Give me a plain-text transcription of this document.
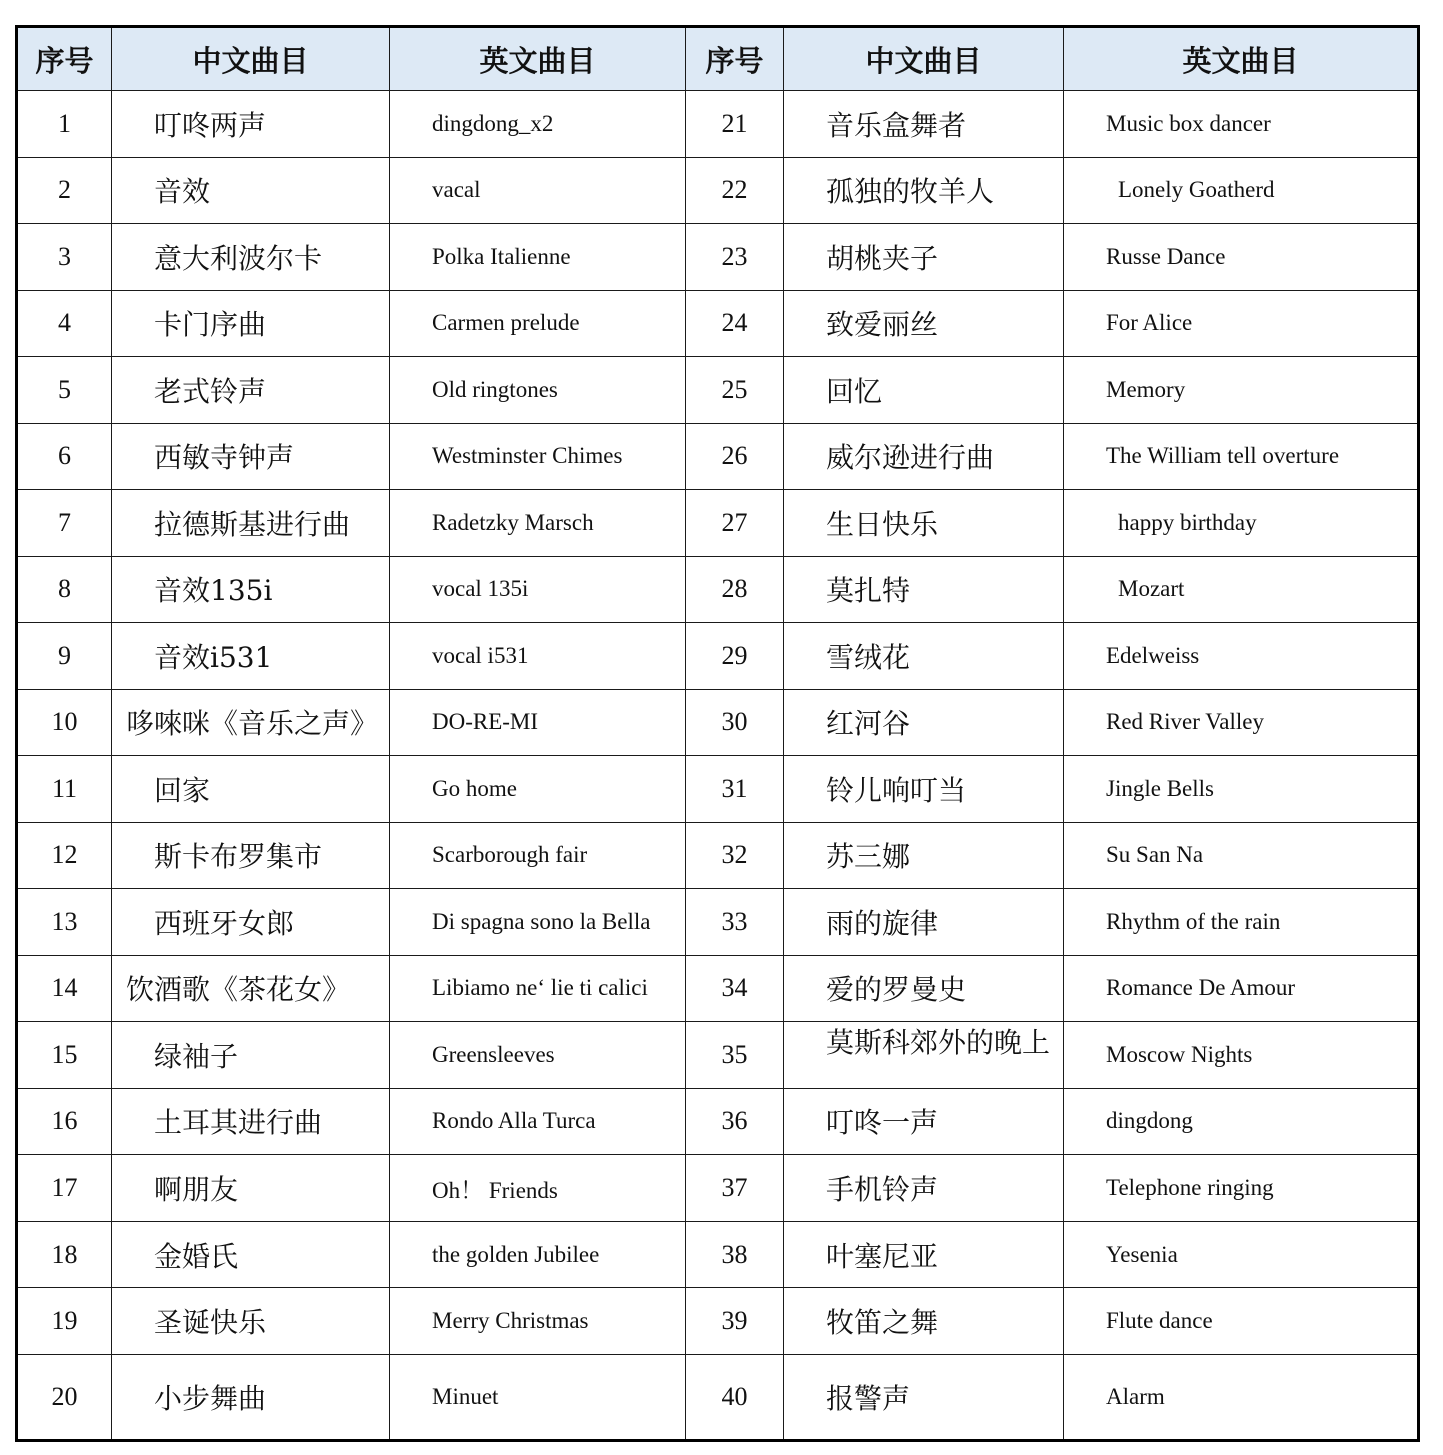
序号	中文曲目	英文曲目	序号	中文曲目	英文曲目
1	叮咚两声	dingdong_x2	21	音乐盒舞者	Music box dancer
2	音效	vacal	22	孤独的牧羊人	Lonely Goatherd
3	意大利波尔卡	Polka Italienne	23	胡桃夹子	Russe Dance
4	卡门序曲	Carmen prelude	24	致爱丽丝	For Alice
5	老式铃声	Old ringtones	25	回忆	Memory
6	西敏寺钟声	Westminster Chimes	26	威尔逊进行曲	The William tell overture
7	拉德斯基进行曲	Radetzky Marsch	27	生日快乐	happy birthday
8	音效135i	vocal 135i	28	莫扎特	Mozart
9	音效i531	vocal i531	29	雪绒花	Edelweiss
10	哆唻咪《音乐之声》	DO-RE-MI	30	红河谷	Red River Valley
11	回家	Go home	31	铃儿响叮当	Jingle Bells
12	斯卡布罗集市	Scarborough fair	32	苏三娜	Su San Na
13	西班牙女郎	Di spagna sono la Bella	33	雨的旋律	Rhythm of the rain
14	饮酒歌《茶花女》	Libiamo ne‘ lie ti calici	34	爱的罗曼史	Romance De Amour
15	绿袖子	Greensleeves	35	莫斯科郊外的晚上	Moscow Nights
16	土耳其进行曲	Rondo Alla Turca	36	叮咚一声	dingdong
17	啊朋友	Oh！ Friends	37	手机铃声	Telephone ringing
18	金婚氏	the golden Jubilee	38	叶塞尼亚	Yesenia
19	圣诞快乐	Merry Christmas	39	牧笛之舞	Flute dance
20	小步舞曲	Minuet	40	报警声	Alarm
